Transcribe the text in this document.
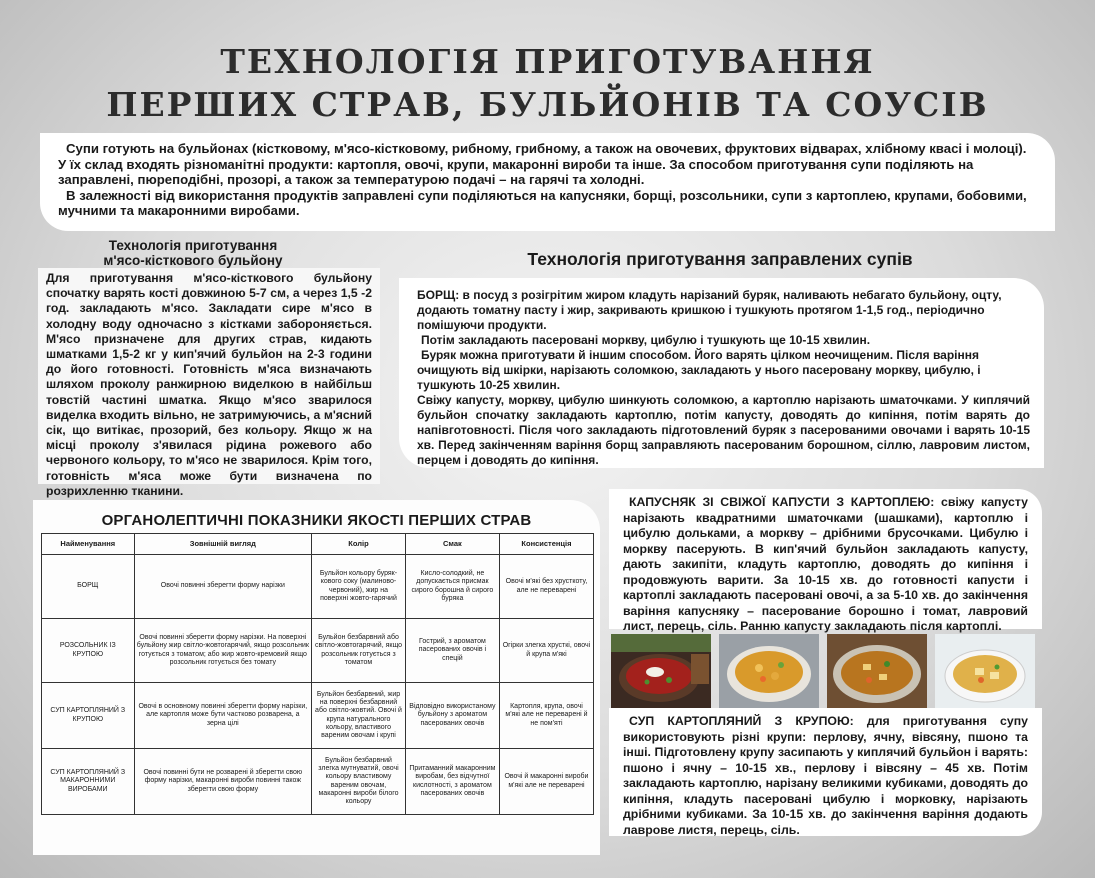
ТЕХНОЛОГІЯ ПРИГОТУВАННЯ
ПЕРШИХ СТРАВ, БУЛЬЙОНІВ ТА СОУСІВ

Супи готують на бульйонах (кістковому, м'ясо-кістковому, рибному, грибному, а також на овочевих, фруктових відварах, хлібному квасі і молоці). У їх склад входять різноманітні продукти: картопля, овочі, крупи, макаронні вироби та інше. За способом приготування супи поділяють на заправлені, пюреподібні, прозорі, а також за температурою подачі – на гарячі та холодні.

В залежності від використання продуктів заправлені супи поділяються на капусняки, борщі, розсольники, супи з картоплею, крупами, бобовими, мучними та макаронними виробами.

Технологія приготування
м'ясо-кісткового бульйону
Для приготування м'ясо-кісткового бульйону спочатку варять кості довжиною 5-7 см, а через 1,5 -2 год. закладають м'ясо. Закладати сире м'ясо в холодну воду одночасно з кістками забороняється. М'ясо призначене для других страв, кидають шматками 1,5-2 кг у кип'ячий бульйон на 2-3 години до його готовності. Готовність м'яса визначають шляхом проколу ранжирною виделкою в найбільш товстій частині шматка. Якщо м'ясо зварилося виделка входить вільно, не затримуючись, а м'ясний сік, що витікає, прозорий, без кольору. Якщо ж на місці проколу з'явилася рідина рожевого або червоного кольору, то м'ясо не зварилося. Крім того, готовність м'яса може бути визначена по розрихленню тканини.
Технологія приготування заправлених супів

БОРЩ: в посуд з розігрітим жиром кладуть нарізаний буряк, наливають небагато бульйону, оцту, додають томатну пасту і жир, закривають кришкою і тушкують протягом 1-1,5 год., періодично помішуючи продукти.

Потім закладають пасеровані моркву, цибулю і тушкують ще 10-15 хвилин.

Буряк можна приготувати й іншим способом. Його варять цілком неочищеним. Після варіння очищують від шкірки, нарізають соломкою, закладають у нього пасеровану моркву, цибулю, і тушкують 10-25 хвилин.

Свіжу капусту, моркву, цибулю шинкують соломкою, а картоплю нарізають шматочками. У киплячий бульйон спочатку закладають картоплю, потім капусту, доводять до кипіння, потім варять до напівготовності. Після чого закладають підготовлений буряк з пасерованими овочами і варять 10-15 хв. Перед закінченням варіння борщ заправляють пасерованим борошном, сіллю, лавровим листом, перцем і доводять до кипіння.

ОРГАНОЛЕПТИЧНІ ПОКАЗНИКИ ЯКОСТІ ПЕРШИХ СТРАВ
Найменування	Зовнішній вигляд	Колір	Смак	Консистенція
БОРЩ	Овочі повинні зберегти форму нарізки	Бульйон кольору буряк-кового соку (малиново-червоний), жир на поверхні жовто-гарячий	Кисло-солодкий, не допускається присмак сирого борошна й сирого буряка	Овочі м'які без хрусткоту, але не переварені
РОЗСОЛЬНИК ІЗ КРУПОЮ	Овочі повинні зберегти форму нарізки. На поверхні бульйону жир світло-жовтогарячий, якщо розсольник готується з томатом; або жир жовто-кремовий якщо розсольник готується без томату	Бульйон безбарвний або світло-жовтогарячий, якщо розсольник готується з томатом	Гострий, з ароматом пасерованих овочів і спецій	Огірки злегка хрусткі, овочі й крупа м'які
СУП КАРТОПЛЯНИЙ З КРУПОЮ	Овочі в основному повинні зберегти форму нарізки, але картопля може бути частково розварена, а зерна цілі	Бульйон безбарвний, жир на поверхні безбарвний або світло-жовтий. Овочі й крупа натурального кольору, властивого вареним овочам і крупі	Відповідно використаному бульйону з ароматом пасерованих овочів	Картопля, крупа, овочі м'які але не переварені й не пом'яті
СУП КАРТОПЛЯНИЙ З МАКАРОННИМИ ВИРОБАМИ	Овочі повинні бути не розварені й зберегти свою форму нарізки, макаронні вироби повинні також зберегти свою форму	Бульйон безбарвний злегка мутнуватий, овочі кольору властивому вареним овочам, макаронні вироби білого кольору	Притаманний макаронним виробам, без відчутної кислотності, з ароматом пасерованих овочів	Овочі й макаронні вироби м'які але не переварені
КАПУСНЯК ЗІ СВІЖОЇ КАПУСТИ З КАРТОПЛЕЮ: свіжу капусту нарізають квадратними шматочками (шашками), картоплю і цибулю дольками, а моркву – дрібними брусочками. Цибулю і моркву пасерують. В кип'ячий бульйон закладають капусту, дають закипіти, кладуть картоплю, доводять до кипіння і продовжують варити. За 10-15 хв. до готовності капусти і картоплі закладають пасеровані овочі, а за 5-10 хв. до закінчення варіння капусняку – пасерование борошно і томат, лавровий лист, перець, сіль. Ранню капусту закладають після картоплі.
СУП КАРТОПЛЯНИЙ З КРУПОЮ: для приготування супу використовують різні крупи: перлову, ячну, вівсяну, пшоно та інші. Підготовлену крупу засипають у киплячий бульйон і варять: пшоно і ячну – 10-15 хв., перлову і вівсяну – 45 хв. Потім закладають картоплю, нарізану великими кубиками, доводять до кипіння, кладуть пасеровані цибулю і морковку, нарізають дрібними кубиками. За 10-15 хв. до закінчення варіння додають лаврове листя, перець, сіль.
